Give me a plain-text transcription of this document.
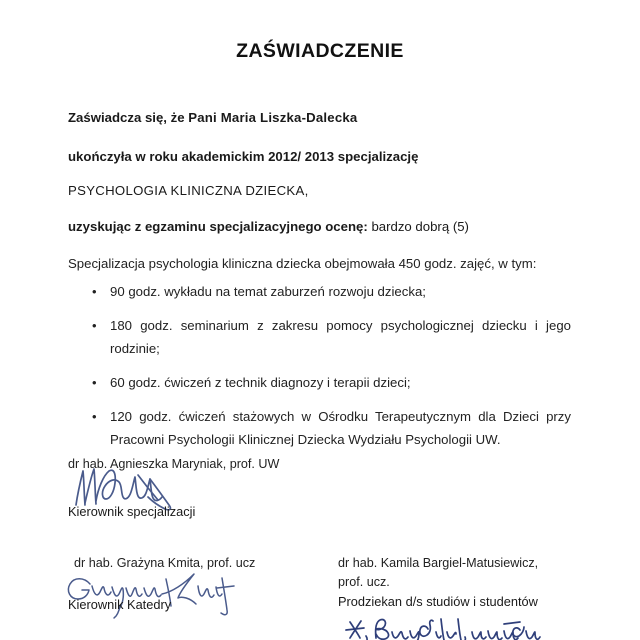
ZAŚWIADCZENIE
Zaświadcza się, że Pani Maria Liszka-Dalecka
ukończyła w roku akademickim 2012/ 2013 specjalizację
PSYCHOLOGIA KLINICZNA DZIECKA,
uzyskując z egzaminu specjalizacyjnego ocenę: bardzo dobrą (5)
Specjalizacja psychologia kliniczna dziecka obejmowała 450 godz. zajęć, w tym:
• 90 godz. wykładu na temat zaburzeń rozwoju dziecka;
• 180 godz. seminarium z zakresu pomocy psychologicznej dziecku i jego rodzinie;
• 60 godz. ćwiczeń z technik diagnozy i terapii dzieci;
• 120 godz. ćwiczeń stażowych w Ośrodku Terapeutycznym dla Dzieci przy Pracowni Psychologii Klinicznej Dziecka Wydziału Psychologii UW.
dr hab. Agnieszka Maryniak, prof. UW
Kierownik specjalizacji
dr hab. Grażyna Kmita, prof. ucz
Kierownik Katedry
dr hab. Kamila Bargiel-Matusiewicz,
prof. ucz.
Prodziekan d/s studiów i studentów
